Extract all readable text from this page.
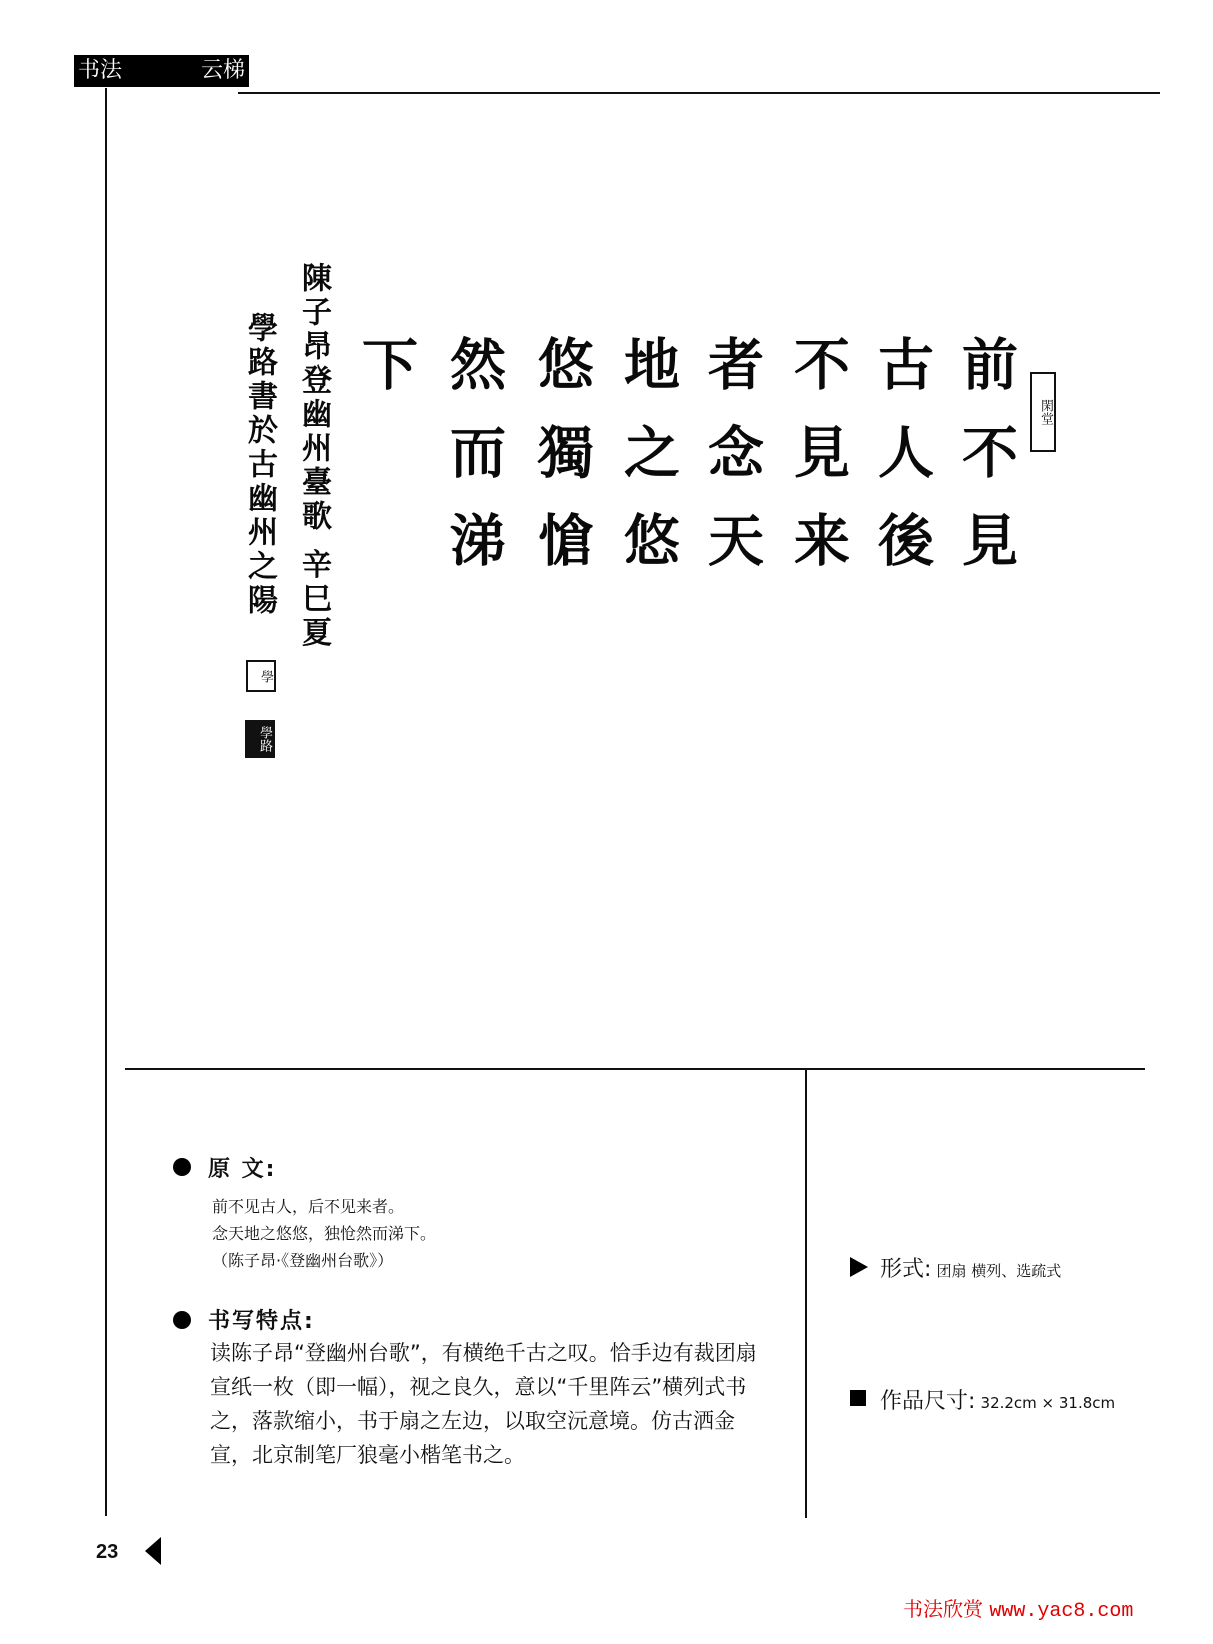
书法	云梯
前不見
古人後
不見来
者念天
地之悠
悠獨愴
然而涕
下	閑堂
陳子昂登幽州臺歌 辛巳夏
學路書於古幽州之陽
學
學路
原 文:
前不见古人，后不见来者。
念天地之悠悠，独怆然而涕下。
（陈子昂·《登幽州台歌》）
书写特点:
读陈子昂“登幽州台歌”，有横绝千古之叹。恰手边有裁团扇宣纸一枚（即一幅），视之良久，意以“千里阵云”横列式书之，落款缩小，书于扇之左边，以取空沅意境。仿古洒金宣，北京制笔厂狼毫小楷笔书之。
形式: 团扇 横列、选疏式
作品尺寸: 32.2cm × 31.8cm
23
书法欣赏 www.yac8.com
